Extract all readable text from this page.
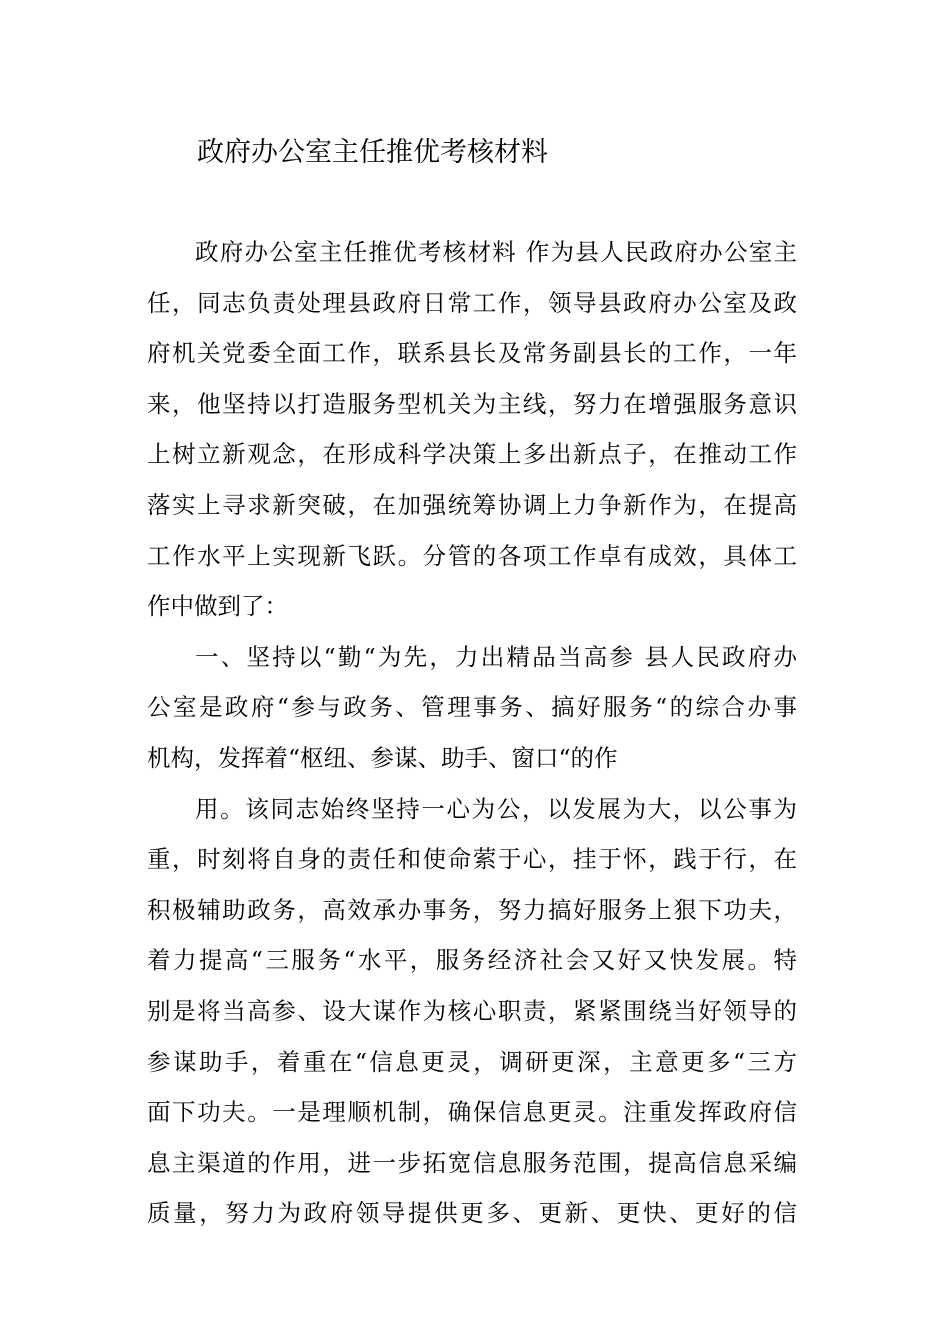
政府办公室主任推优考核材料
政府办公室主任推优考核材料 作为县人民政府办公室主
任，同志负责处理县政府日常工作，领导县政府办公室及政
府机关党委全面工作，联系县长及常务副县长的工作，一年
来，他坚持以打造服务型机关为主线，努力在增强服务意识
上树立新观念，在形成科学决策上多出新点子，在推动工作
落实上寻求新突破，在加强统筹协调上力争新作为，在提高
工作水平上实现新飞跃。分管的各项工作卓有成效，具体工
作中做到了：
一、坚持以“勤“为先，力出精品当高参 县人民政府办
公室是政府“参与政务、管理事务、搞好服务“的综合办事
机构，发挥着“枢纽、参谋、助手、窗口“的作
用。该同志始终坚持一心为公，以发展为大，以公事为
重，时刻将自身的责任和使命萦于心，挂于怀，践于行，在
积极辅助政务，高效承办事务，努力搞好服务上狠下功夫，
着力提高“三服务“水平，服务经济社会又好又快发展。特
别是将当高参、设大谋作为核心职责，紧紧围绕当好领导的
参谋助手，着重在“信息更灵，调研更深，主意更多“三方
面下功夫。一是理顺机制，确保信息更灵。注重发挥政府信
息主渠道的作用，进一步拓宽信息服务范围，提高信息采编
质量，努力为政府领导提供更多、更新、更快、更好的信
